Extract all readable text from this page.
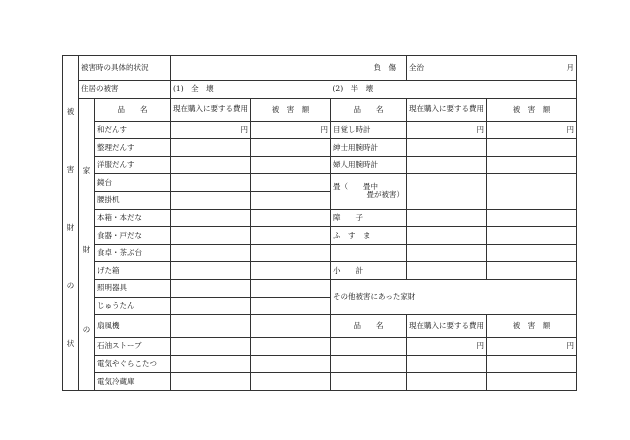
被
害
財
の
状	被害時の具体的状況				負　傷	全治 月	

	住居の被害		(1)　全　壊		(2)　半　壊		

	家
財
の	品　　名	現在購入に要する費用	被　害　額	品　　名	現在購入に要する費用	被　害　額
		和だんす	円	円	目覚し時計	円	円
		整理だんす			紳士用腕時計		
		洋服だんす			婦人用腕時計		
		鏡台			畳（　　畳中
畳が被害）		

		腰掛机					
		本箱・本だな			障　　子		
		食器・戸だな			ふ　す　ま		
		食卓・茶ぶ台					
		げた箱			小　　計		
		照明器具			その他被害にあった家財		
		じゅうたん					
		扇風機			品　　名	現在購入に要する費用	被　害　額
		石油ストーブ				円	円
		電気やぐらこたつ					
		電気冷蔵庫					
